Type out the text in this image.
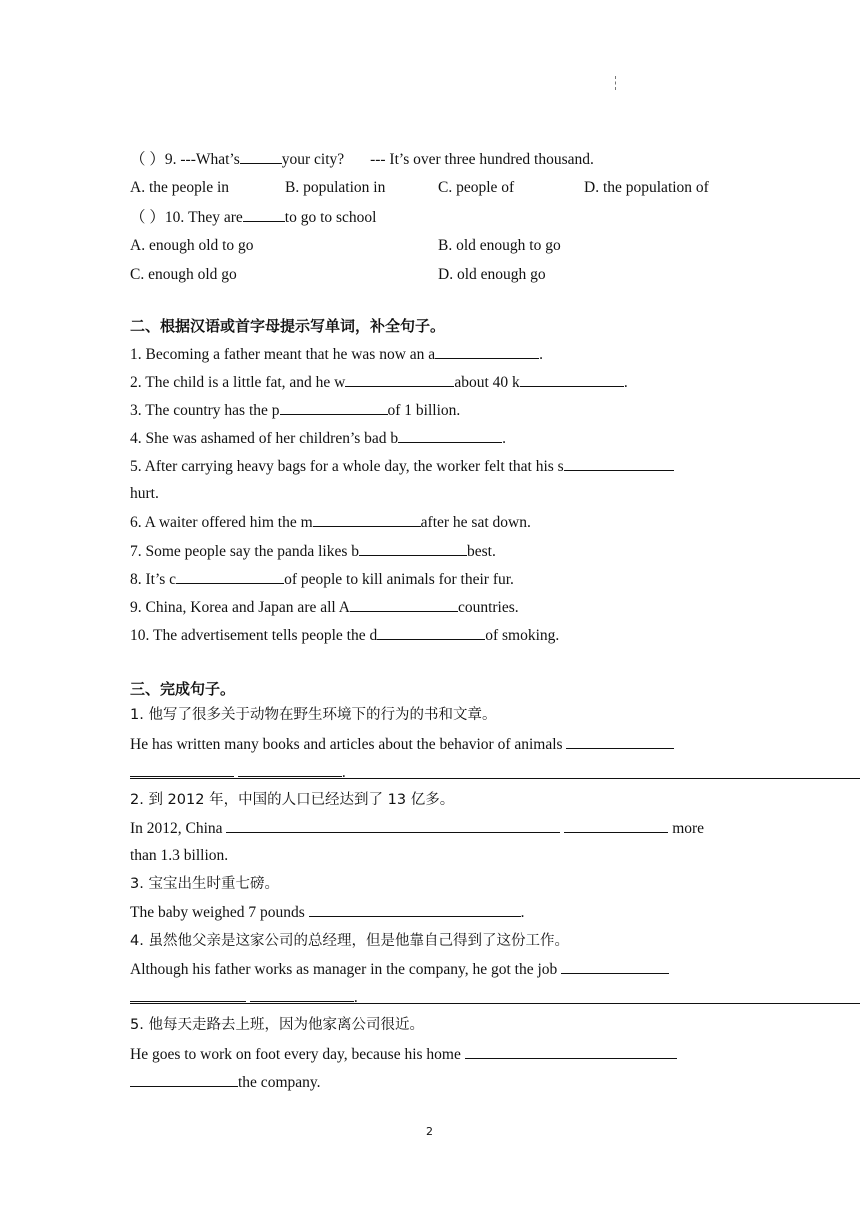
（ ）9. ---What’s	your city? --- It’s over three hundred thousand.
A. the people in	B. population in	C. people of	D. the population of
（ ）10. They are	to go to school
A. enough old to go	B. old enough to go
C. enough old go	D. old enough go
二、根据汉语或首字母提示写单词，补全句子。
1. Becoming a father meant that he was now an a	.
2. The child is a little fat, and he w	about 40 k	.
3. The country has the p	of 1 billion.
4. She was ashamed of her children’s bad b	.
5. After carrying heavy bags for a whole day, the worker felt that his s
hurt.
6. A waiter offered him the m	after he sat down.
7. Some people say the panda likes b	best.
8. It’s c	of people to kill animals for their fur.
9. China, Korea and Japan are all A	countries.
10. The advertisement tells people the d	of smoking.
三、完成句子。
1. 他写了很多关于动物在野生环境下的行为的书和文章。
He has written many books and articles about the behavior of animals
.
2. 到 2012 年，中国的人口已经达到了 13 亿多。
In 2012, China	more
than 1.3 billion.
3. 宝宝出生时重七磅。
The baby weighed 7 pounds	.
4. 虽然他父亲是这家公司的总经理，但是他靠自己得到了这份工作。
Although his father works as manager in the company, he got the job
.
5. 他每天走路去上班，因为他家离公司很近。
He goes to work on foot every day, because his home
the company.
2
